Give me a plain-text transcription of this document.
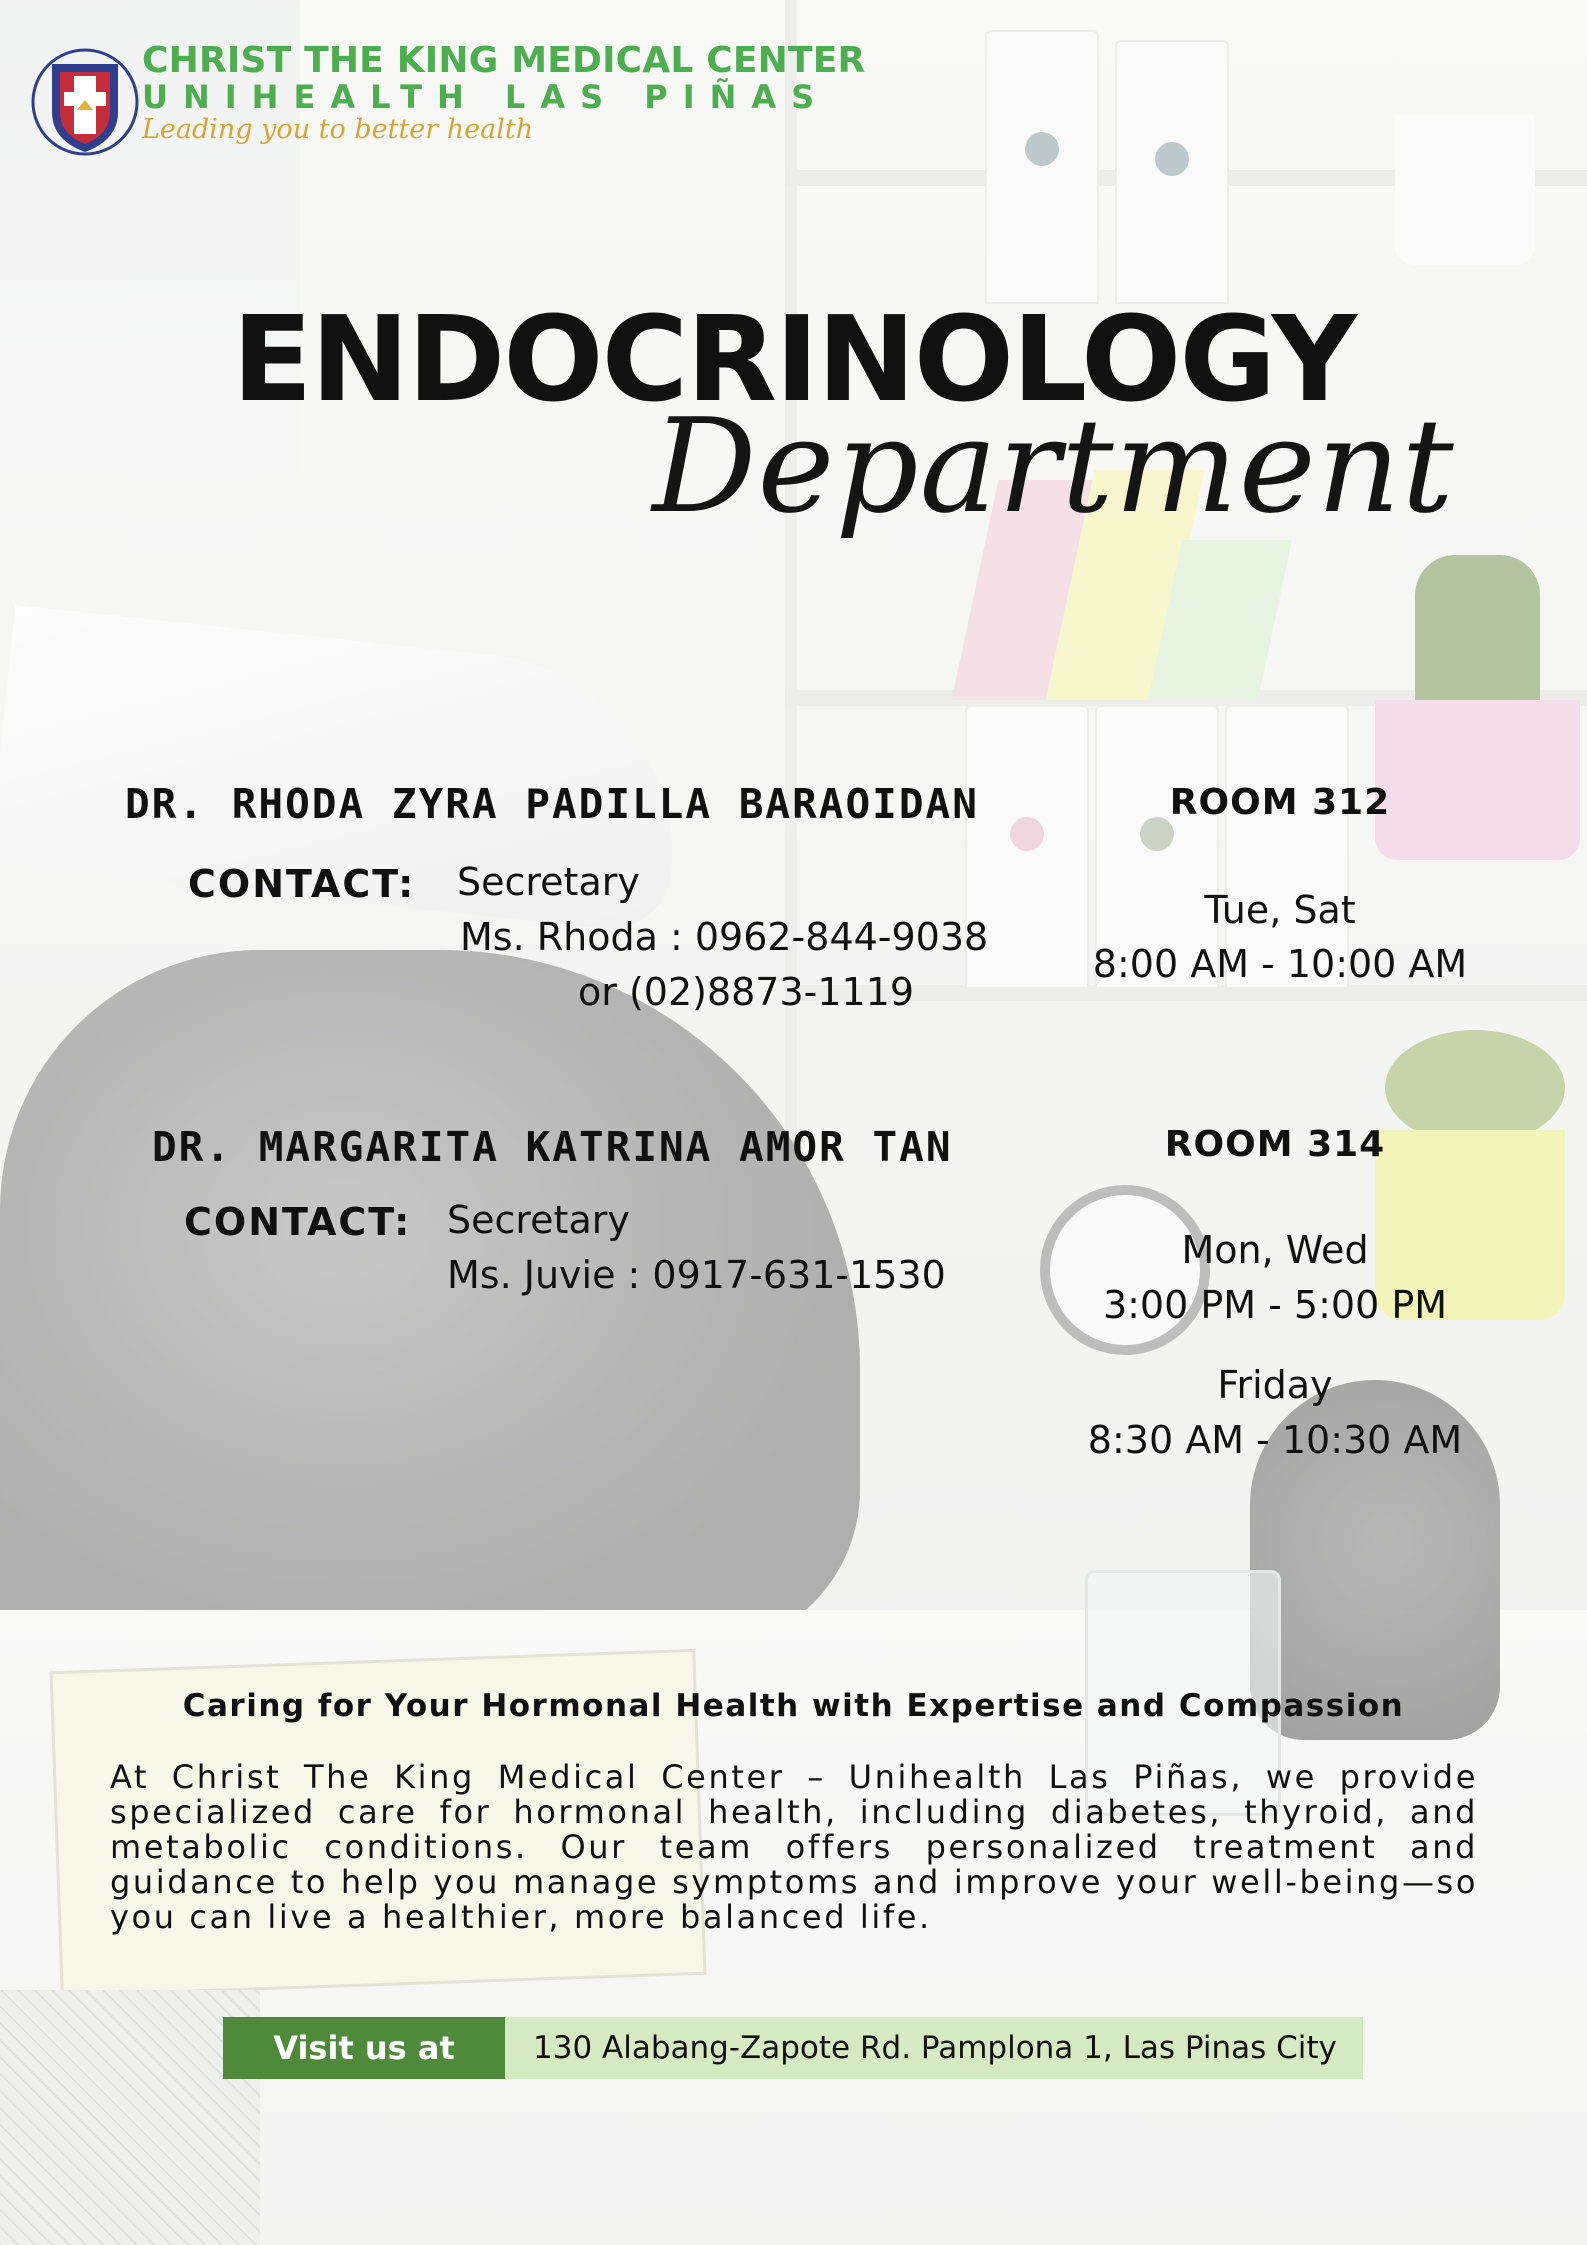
CHRIST THE KING MEDICAL CENTER
UNIHEALTH LAS PIÑAS
Leading you to better health
ENDOCRINOLOGY
Department
DR. RHODA ZYRA PADILLA BARAOIDAN
CONTACT: Secretary
Ms. Rhoda : 0962-844-9038
or (02)8873-1119
ROOM 312
Tue, Sat
8:00 AM - 10:00 AM
DR. MARGARITA KATRINA AMOR TAN
CONTACT: Secretary
Ms. Juvie : 0917-631-1530
ROOM 314
Mon, Wed
3:00 PM - 5:00 PM
Friday
8:30 AM - 10:30 AM
Caring for Your Hormonal Health with Expertise and Compassion
At Christ The King Medical Center – Unihealth Las Piñas, we provide specialized care for hormonal health, including diabetes, thyroid, and metabolic conditions. Our team offers personalized treatment and guidance to help you manage symptoms and improve your well-being—so you can live a healthier, more balanced life.
Visit us at	130 Alabang-Zapote Rd. Pamplona 1, Las Pinas City
